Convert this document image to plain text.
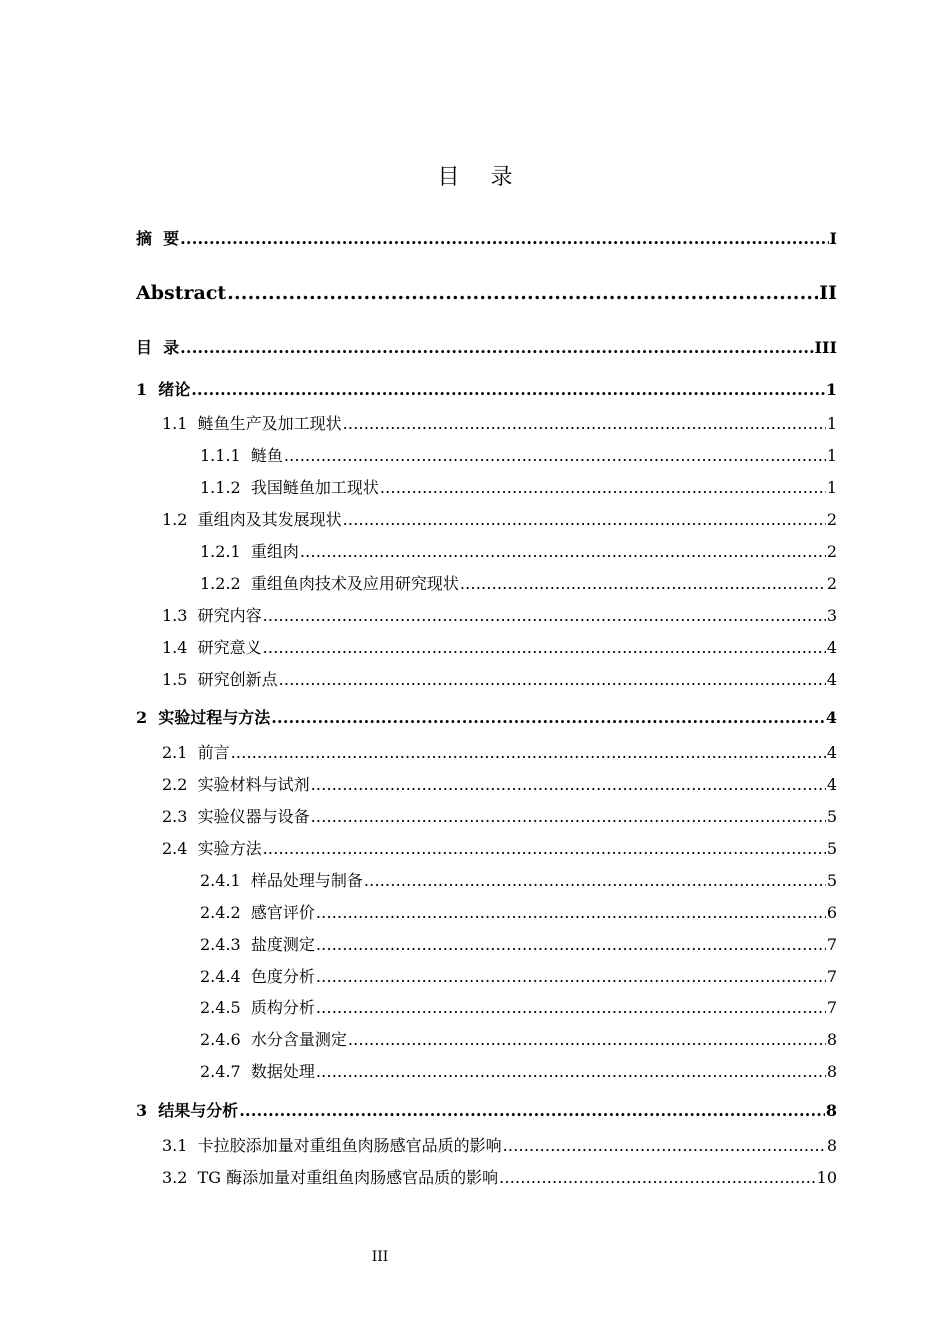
目 录
摘  要 .....	I
Abstract .....	II
目  录 .....	III
1  绪论 .....	1
1.1  鲢鱼生产及加工现状 .....	1
1.1.1  鲢鱼 .....	1
1.1.2  我国鲢鱼加工现状 .....	1
1.2  重组肉及其发展现状 .....	2
1.2.1  重组肉 .....	2
1.2.2  重组鱼肉技术及应用研究现状 .....	2
1.3  研究内容 .....	3
1.4  研究意义 .....	4
1.5  研究创新点 .....	4
2  实验过程与方法 .....	4
2.1  前言 .....	4
2.2  实验材料与试剂 .....	4
2.3  实验仪器与设备 .....	5
2.4  实验方法 .....	5
2.4.1  样品处理与制备 .....	5
2.4.2  感官评价 .....	6
2.4.3  盐度测定 .....	7
2.4.4  色度分析 .....	7
2.4.5  质构分析 .....	7
2.4.6  水分含量测定 .....	8
2.4.7  数据处理 .....	8
3  结果与分析 .....	8
3.1  卡拉胶添加量对重组鱼肉肠感官品质的影响 .....	8
3.2  TG 酶添加量对重组鱼肉肠感官品质的影响 .....	10
III
